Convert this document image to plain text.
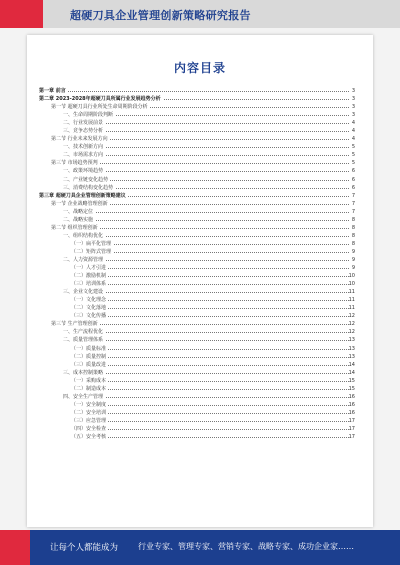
超硬刀具企业管理创新策略研究报告
内容目录
第一章 前言	3
第二章 2023-2028年超硬刀具所属行业发展趋势分析	3
第一节 超硬刀具行业所处生命周期阶段分析	3
一、生命周期阶段判断	3
二、行业发展前景	4
三、竞争态势分析	4
第二节 行业未来发展方向	4
一、技术创新方向	5
二、市场需求方向	5
第三节 市场趋势预判	5
一、政策环境趋势	6
二、产业链变化趋势	6
三、消费结构变化趋势	6
第三章 超硬刀具企业管理创新策略建议	7
第一节 企业战略管理创新	7
一、战略定位	7
二、战略实施	8
第二节 组织管理创新	8
一、组织结构优化	8
（一）扁平化管理	8
（二）矩阵式管理	9
二、人力资源管理	9
（一）人才引进	9
（二）激励机制	10
（三）培训体系	10
三、企业文化建设	11
（一）文化理念	11
（二）文化落地	11
（三）文化传播	12
第三节 生产管理创新	12
一、生产流程优化	12
二、质量管理体系	13
（一）质量标准	13
（二）质量控制	13
（三）质量改进	14
三、成本控制策略	14
（一）采购成本	15
（二）制造成本	15
四、安全生产管理	16
（一）安全制度	16
（二）安全培训	16
（三）应急管理	17
（四）安全检查	17
（五）安全考核	17
让每个人都能成为 行业专家、管理专家、营销专家、战略专家、成功企业家……
